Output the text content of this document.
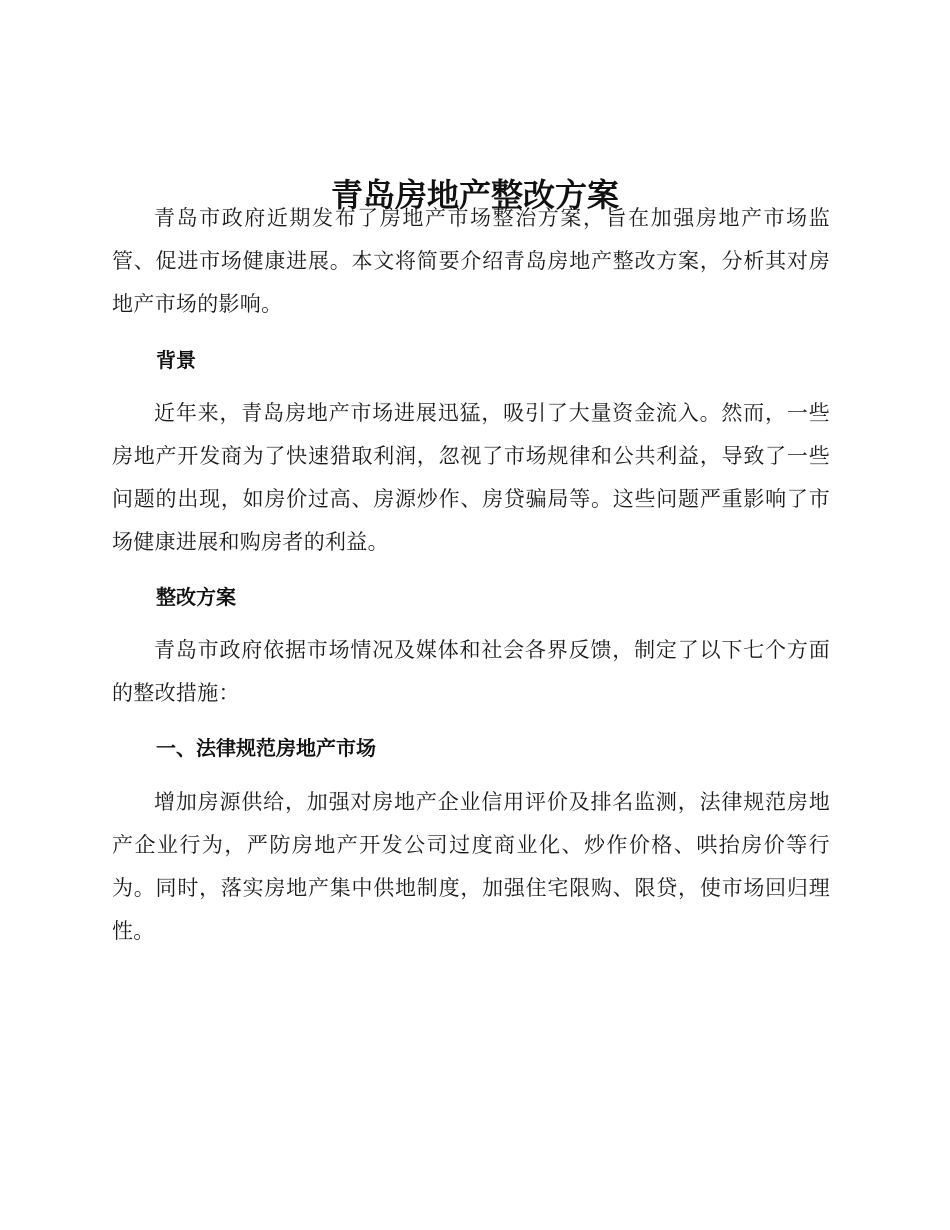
青岛房地产整改方案

青岛市政府近期发布了房地产市场整治方案，旨在加强房地产市场监管、促进市场健康进展。本文将简要介绍青岛房地产整改方案，分析其对房地产市场的影响。

背景

近年来，青岛房地产市场进展迅猛，吸引了大量资金流入。然而，一些房地产开发商为了快速猎取利润，忽视了市场规律和公共利益，导致了一些问题的出现，如房价过高、房源炒作、房贷骗局等。这些问题严重影响了市场健康进展和购房者的利益。

整改方案

青岛市政府依据市场情况及媒体和社会各界反馈，制定了以下七个方面的整改措施：

一、法律规范房地产市场

增加房源供给，加强对房地产企业信用评价及排名监测，法律规范房地产企业行为，严防房地产开发公司过度商业化、炒作价格、哄抬房价等行为。同时，落实房地产集中供地制度，加强住宅限购、限贷，使市场回归理性。
